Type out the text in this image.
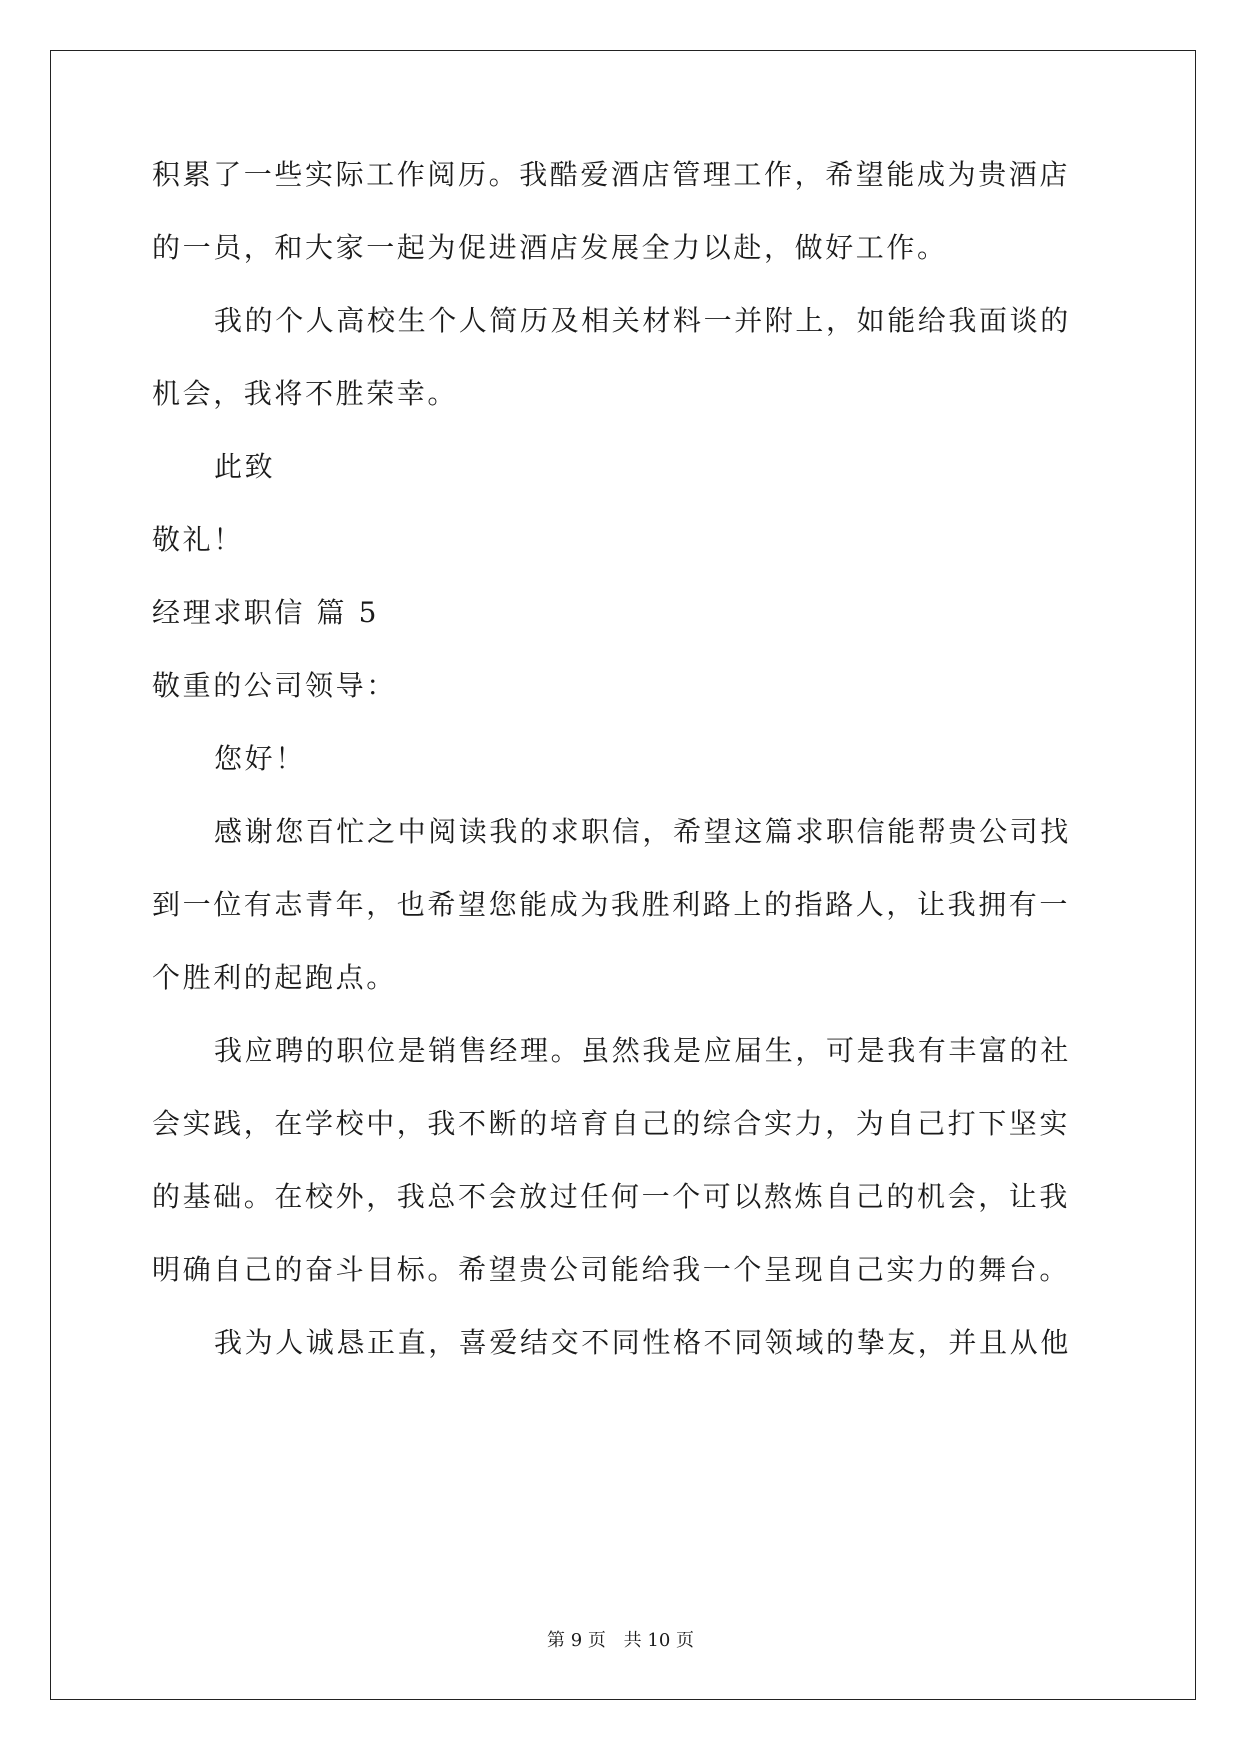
积累了一些实际工作阅历。我酷爱酒店管理工作，希望能成为贵酒店
的一员，和大家一起为促进酒店发展全力以赴，做好工作。
我的个人高校生个人简历及相关材料一并附上，如能给我面谈的
机会，我将不胜荣幸。
此致
敬礼！
经理求职信 篇 5
敬重的公司领导：
您好！
感谢您百忙之中阅读我的求职信，希望这篇求职信能帮贵公司找
到一位有志青年，也希望您能成为我胜利路上的指路人，让我拥有一
个胜利的起跑点。
我应聘的职位是销售经理。虽然我是应届生，可是我有丰富的社
会实践，在学校中，我不断的培育自己的综合实力，为自己打下坚实
的基础。在校外，我总不会放过任何一个可以熬炼自己的机会，让我
明确自己的奋斗目标。希望贵公司能给我一个呈现自己实力的舞台。
我为人诚恳正直，喜爱结交不同性格不同领域的挚友，并且从他
第 9 页 共 10 页
